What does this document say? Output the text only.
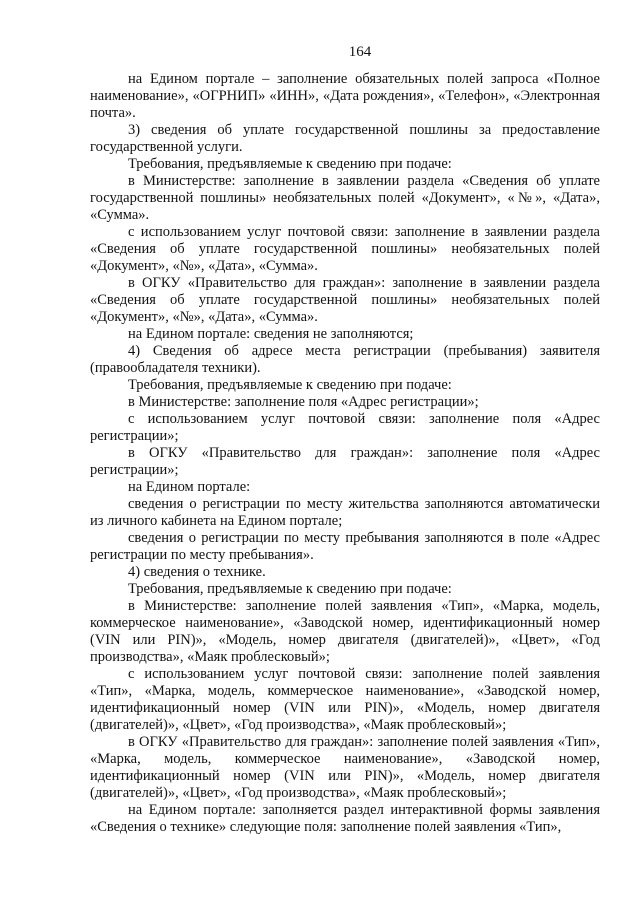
164

на Едином портале – заполнение обязательных полей запроса «Полное наименование», «ОГРНИП» «ИНН», «Дата рождения», «Телефон», «Электронная почта».

3) сведения об уплате государственной пошлины за предоставление государственной услуги.

Требования, предъявляемые к сведению при подаче:

в Министерстве: заполнение в заявлении раздела «Сведения об уплате государственной пошлины» необязательных полей «Документ», «№», «Дата», «Сумма».

с использованием услуг почтовой связи: заполнение в заявлении раздела «Сведения об уплате государственной пошлины» необязательных полей «Документ», «№», «Дата», «Сумма».

в ОГКУ «Правительство для граждан»: заполнение в заявлении раздела «Сведения об уплате государственной пошлины» необязательных полей «Документ», «№», «Дата», «Сумма».

на Едином портале: сведения не заполняются;

4) Сведения об адресе места регистрации (пребывания) заявителя (правообладателя техники).

Требования, предъявляемые к сведению при подаче:

в Министерстве: заполнение поля «Адрес регистрации»;

с использованием услуг почтовой связи: заполнение поля «Адрес регистрации»;

в ОГКУ «Правительство для граждан»: заполнение поля «Адрес регистрации»;

на Едином портале:

сведения о регистрации по месту жительства заполняются автоматически из личного кабинета на Едином портале;

сведения о регистрации по месту пребывания заполняются в поле «Адрес регистрации по месту пребывания».

4) сведения о технике.

Требования, предъявляемые к сведению при подаче:

в Министерстве: заполнение полей заявления «Тип», «Марка, модель, коммерческое наименование», «Заводской номер, идентификационный номер (VIN или PIN)», «Модель, номер двигателя (двигателей)», «Цвет», «Год производства», «Маяк проблесковый»;

с использованием услуг почтовой связи: заполнение полей заявления «Тип», «Марка, модель, коммерческое наименование», «Заводской номер, идентификационный номер (VIN или PIN)», «Модель, номер двигателя (двигателей)», «Цвет», «Год производства», «Маяк проблесковый»;

в ОГКУ «Правительство для граждан»: заполнение полей заявления «Тип», «Марка, модель, коммерческое наименование», «Заводской номер, идентификационный номер (VIN или PIN)», «Модель, номер двигателя (двигателей)», «Цвет», «Год производства», «Маяк проблесковый»;

на Едином портале: заполняется раздел интерактивной формы заявления «Сведения о технике» следующие поля: заполнение полей заявления «Тип»,
